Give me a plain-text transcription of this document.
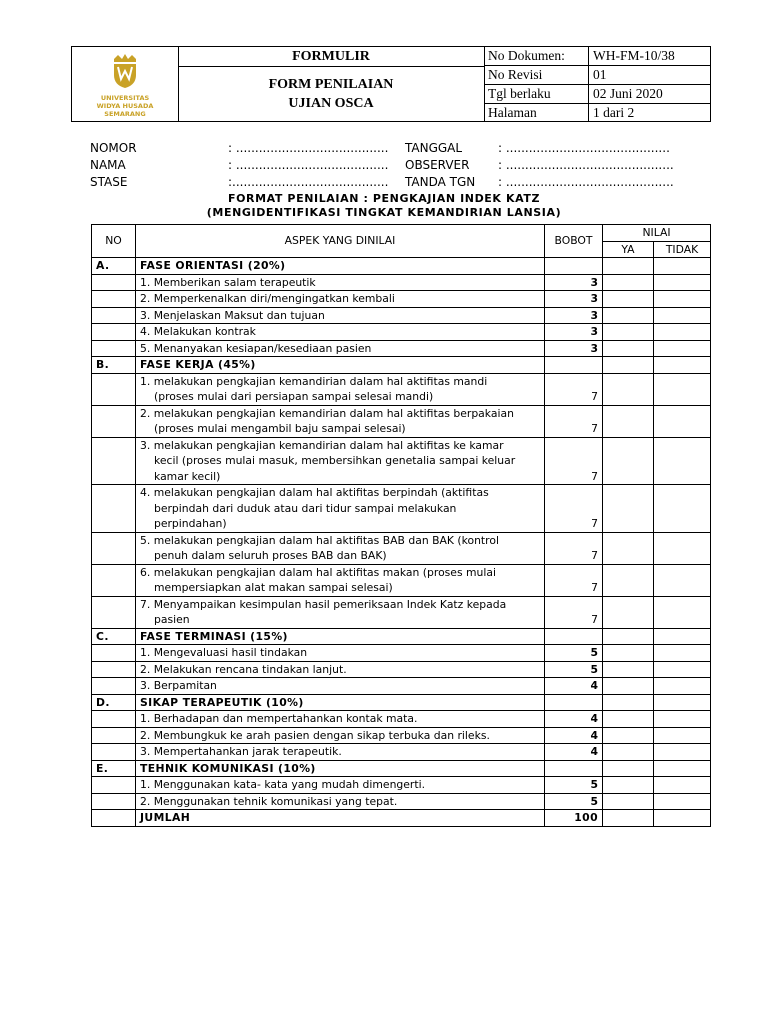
UNIVERSITAS
WIDYA HUSADA
SEMARANG
FORMULIR
FORM PENILAIAN
UJIAN OSCA
No Dokumen: WH-FM-10/38
No Revisi	01
Tgl berlaku	02 Juni 2020
Halaman	1 dari 2
NOMOR	: ........................................
NAMA	: ........................................
STASE	:.........................................
TANGGAL	: ...........................................
OBSERVER : ............................................
TANDA TGN : ............................................
FORMAT PENILAIAN : PENGKAJIAN INDEK KATZ
(MENGIDENTIFIKASI TINGKAT KEMANDIRIAN LANSIA)
NO	ASPEK YANG DINILAI	BOBOT	NILAI	
			YA	TIDAK
A.	FASE ORIENTASI (20%)			

	1. Memberikan salam terapeutik	3		

	2. Memperkenalkan diri/mengingatkan kembali	3		

	3. Menjelaskan Maksut dan tujuan	3		

	4. Melakukan kontrak	3		

	5. Menanyakan kesiapan/kesediaan pasien	3		
B.	FASE KERJA (45%)			

	1. melakukan pengkajian kemandirian dalam hal aktifitas mandi
(proses mulai dari persiapan sampai selesai mandi)	7		

	2. melakukan pengkajian kemandirian dalam hal aktifitas berpakaian
(proses mulai mengambil baju sampai selesai)	7		

	3. melakukan pengkajian kemandirian dalam hal aktifitas ke kamar
kecil (proses mulai masuk, membersihkan genetalia sampai keluar
kamar kecil)	7		

	4. melakukan pengkajian dalam hal aktifitas berpindah (aktifitas
berpindah dari duduk atau dari tidur sampai melakukan
perpindahan)	7		

	5. melakukan pengkajian dalam hal aktifitas BAB dan BAK (kontrol
penuh dalam seluruh proses BAB dan BAK)	7		

	6. melakukan pengkajian dalam hal aktifitas makan (proses mulai
mempersiapkan alat makan sampai selesai)	7		

	7. Menyampaikan kesimpulan hasil pemeriksaan Indek Katz kepada
pasien	7		
C.	FASE TERMINASI (15%)			

	1. Mengevaluasi hasil tindakan	5		

	2. Melakukan rencana tindakan lanjut.	5		

	3. Berpamitan	4		
D.	SIKAP TERAPEUTIK (10%)			

	1. Berhadapan dan mempertahankan kontak mata.	4		

	2. Membungkuk ke arah pasien dengan sikap terbuka dan rileks.	4		

	3. Mempertahankan jarak terapeutik.	4		
E.	TEHNIK KOMUNIKASI (10%)			

	1. Menggunakan kata- kata yang mudah dimengerti.	5		

	2. Menggunakan tehnik komunikasi yang tepat.	5		
	JUMLAH	100		
